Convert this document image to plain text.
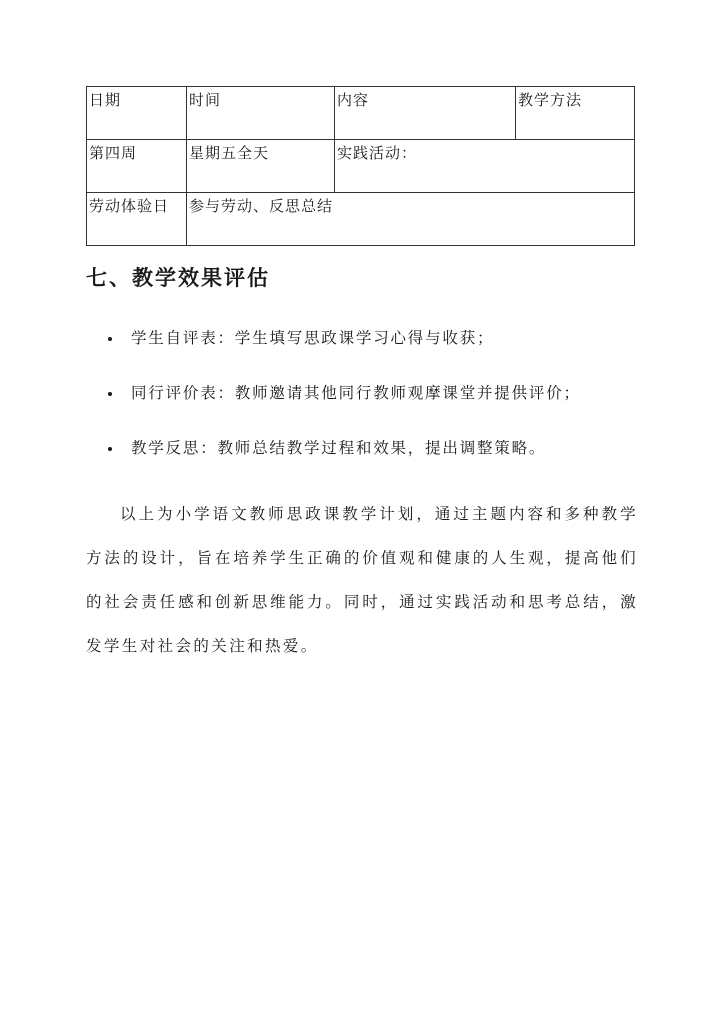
日期	时间	内容	教学方法
第四周	星期五全天	实践活动：	
劳动体验日	参与劳动、反思总结		
七、教学效果评估
学生自评表：学生填写思政课学习心得与收获；
同行评价表：教师邀请其他同行教师观摩课堂并提供评价；
教学反思：教师总结教学过程和效果，提出调整策略。

以上为小学语文教师思政课教学计划，通过主题内容和多种教学方法的设计，旨在培养学生正确的价值观和健康的人生观，提高他们的社会责任感和创新思维能力。同时，通过实践活动和思考总结，激发学生对社会的关注和热爱。
